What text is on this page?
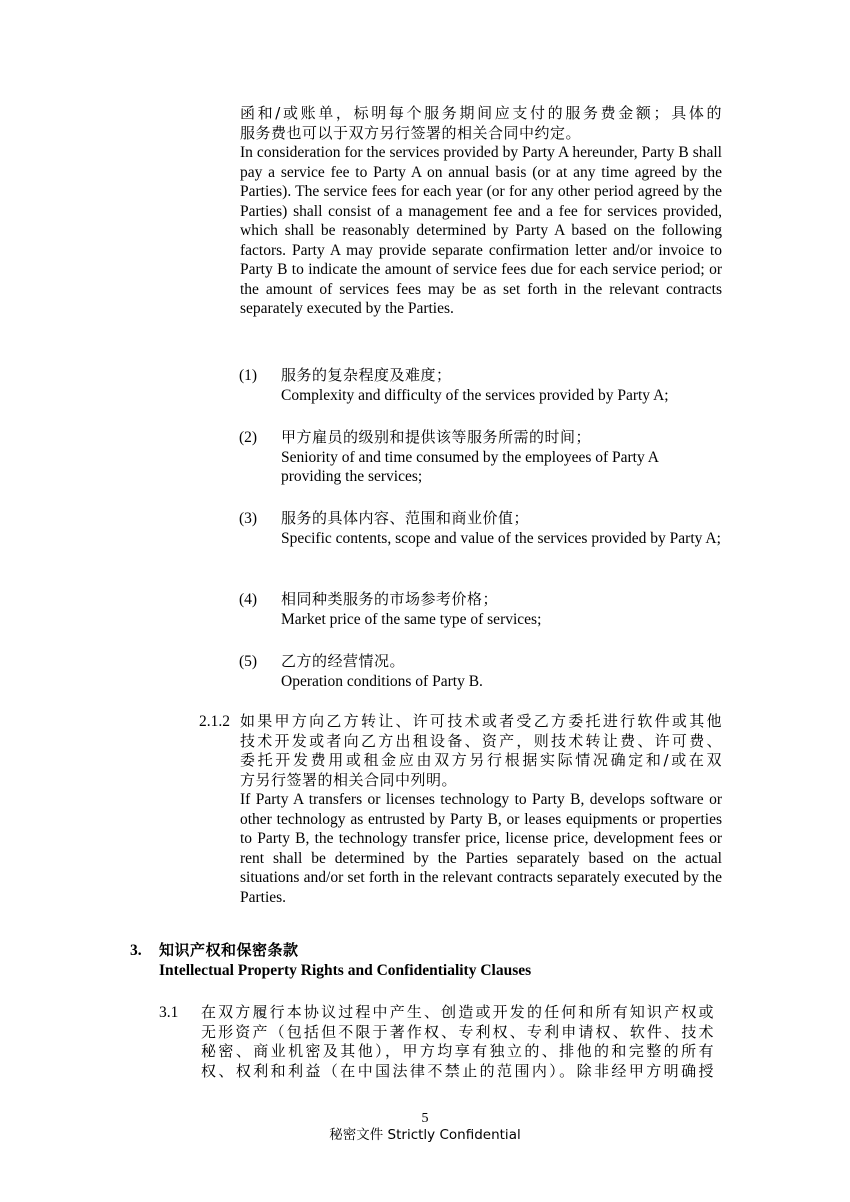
函和/或账单，标明每个服务期间应支付的服务费金额；具体的
服务费也可以于双方另行签署的相关合同中约定。
In consideration for the services provided by Party A hereunder, Party B shall pay a service fee to Party A on annual basis (or at any time agreed by the Parties). The service fees for each year (or for any other period agreed by the Parties) shall consist of a management fee and a fee for services provided, which shall be reasonably determined by Party A based on the following factors. Party A may provide separate confirmation letter and/or invoice to Party B to indicate the amount of service fees due for each service period; or the amount of services fees may be as set forth in the relevant contracts separately executed by the Parties.
(1) 服务的复杂程度及难度；
Complexity and difficulty of the services provided by Party A;
(2) 甲方雇员的级别和提供该等服务所需的时间；
Seniority of and time consumed by the employees of Party A providing the services;
(3) 服务的具体内容、范围和商业价值；
Specific contents, scope and value of the services provided by Party A;
(4) 相同种类服务的市场参考价格；
Market price of the same type of services;
(5) 乙方的经营情况。
Operation conditions of Party B.
2.1.2 如果甲方向乙方转让、许可技术或者受乙方委托进行软件或其他
技术开发或者向乙方出租设备、资产，则技术转让费、许可费、
委托开发费用或租金应由双方另行根据实际情况确定和/或在双
方另行签署的相关合同中列明。
If Party A transfers or licenses technology to Party B, develops software or other technology as entrusted by Party B, or leases equipments or properties to Party B, the technology transfer price, license price, development fees or rent shall be determined by the Parties separately based on the actual situations and/or set forth in the relevant contracts separately executed by the Parties.
3. 知识产权和保密条款
Intellectual Property Rights and Confidentiality Clauses
3.1 在双方履行本协议过程中产生、创造或开发的任何和所有知识产权或
无形资产（包括但不限于著作权、专利权、专利申请权、软件、技术
秘密、商业机密及其他），甲方均享有独立的、排他的和完整的所有
权、权利和利益（在中国法律不禁止的范围内）。除非经甲方明确授
5
秘密文件 Strictly Confidential
